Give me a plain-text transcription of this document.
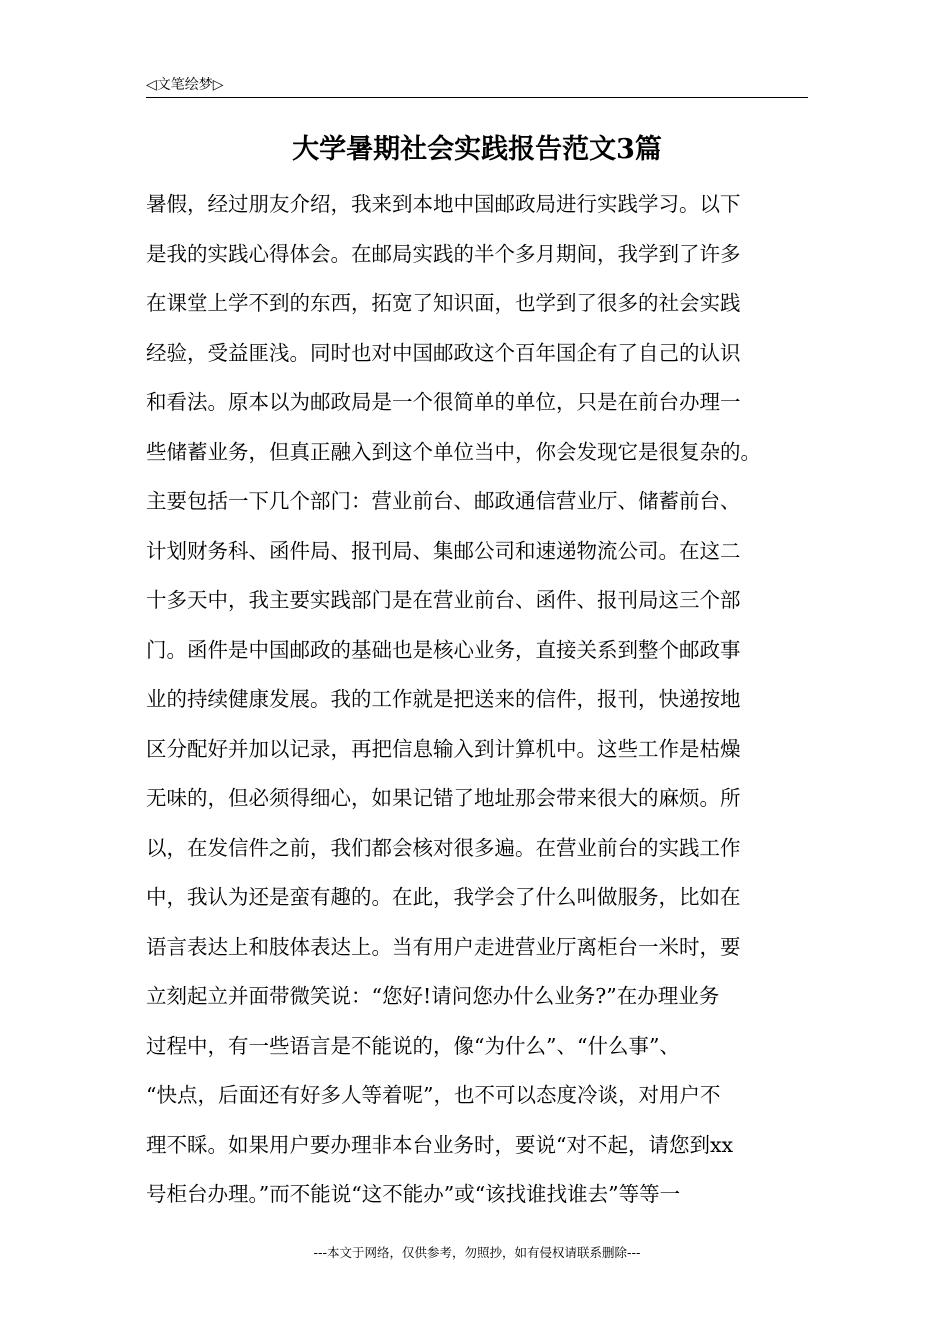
◁文笔绘梦▷
大学暑期社会实践报告范文3篇
暑假，经过朋友介绍，我来到本地中国邮政局进行实践学习。以下
是我的实践心得体会。在邮局实践的半个多月期间，我学到了许多
在课堂上学不到的东西，拓宽了知识面，也学到了很多的社会实践
经验，受益匪浅。同时也对中国邮政这个百年国企有了自己的认识
和看法。原本以为邮政局是一个很简单的单位，只是在前台办理一
些储蓄业务，但真正融入到这个单位当中，你会发现它是很复杂的。
主要包括一下几个部门：营业前台、邮政通信营业厅、储蓄前台、
计划财务科、函件局、报刊局、集邮公司和速递物流公司。在这二
十多天中，我主要实践部门是在营业前台、函件、报刊局这三个部
门。函件是中国邮政的基础也是核心业务，直接关系到整个邮政事
业的持续健康发展。我的工作就是把送来的信件，报刊，快递按地
区分配好并加以记录，再把信息输入到计算机中。这些工作是枯燥
无味的，但必须得细心，如果记错了地址那会带来很大的麻烦。所
以，在发信件之前，我们都会核对很多遍。在营业前台的实践工作
中，我认为还是蛮有趣的。在此，我学会了什么叫做服务，比如在
语言表达上和肢体表达上。当有用户走进营业厅离柜台一米时，要
立刻起立并面带微笑说：“您好!请问您办什么业务?”在办理业务
过程中，有一些语言是不能说的，像“为什么”、“什么事”、
“快点，后面还有好多人等着呢”，也不可以态度冷谈，对用户不
理不睬。如果用户要办理非本台业务时，要说“对不起，请您到xx
号柜台办理。”而不能说“这不能办”或“该找谁找谁去”等等一
---本文于网络，仅供参考，勿照抄，如有侵权请联系删除---
